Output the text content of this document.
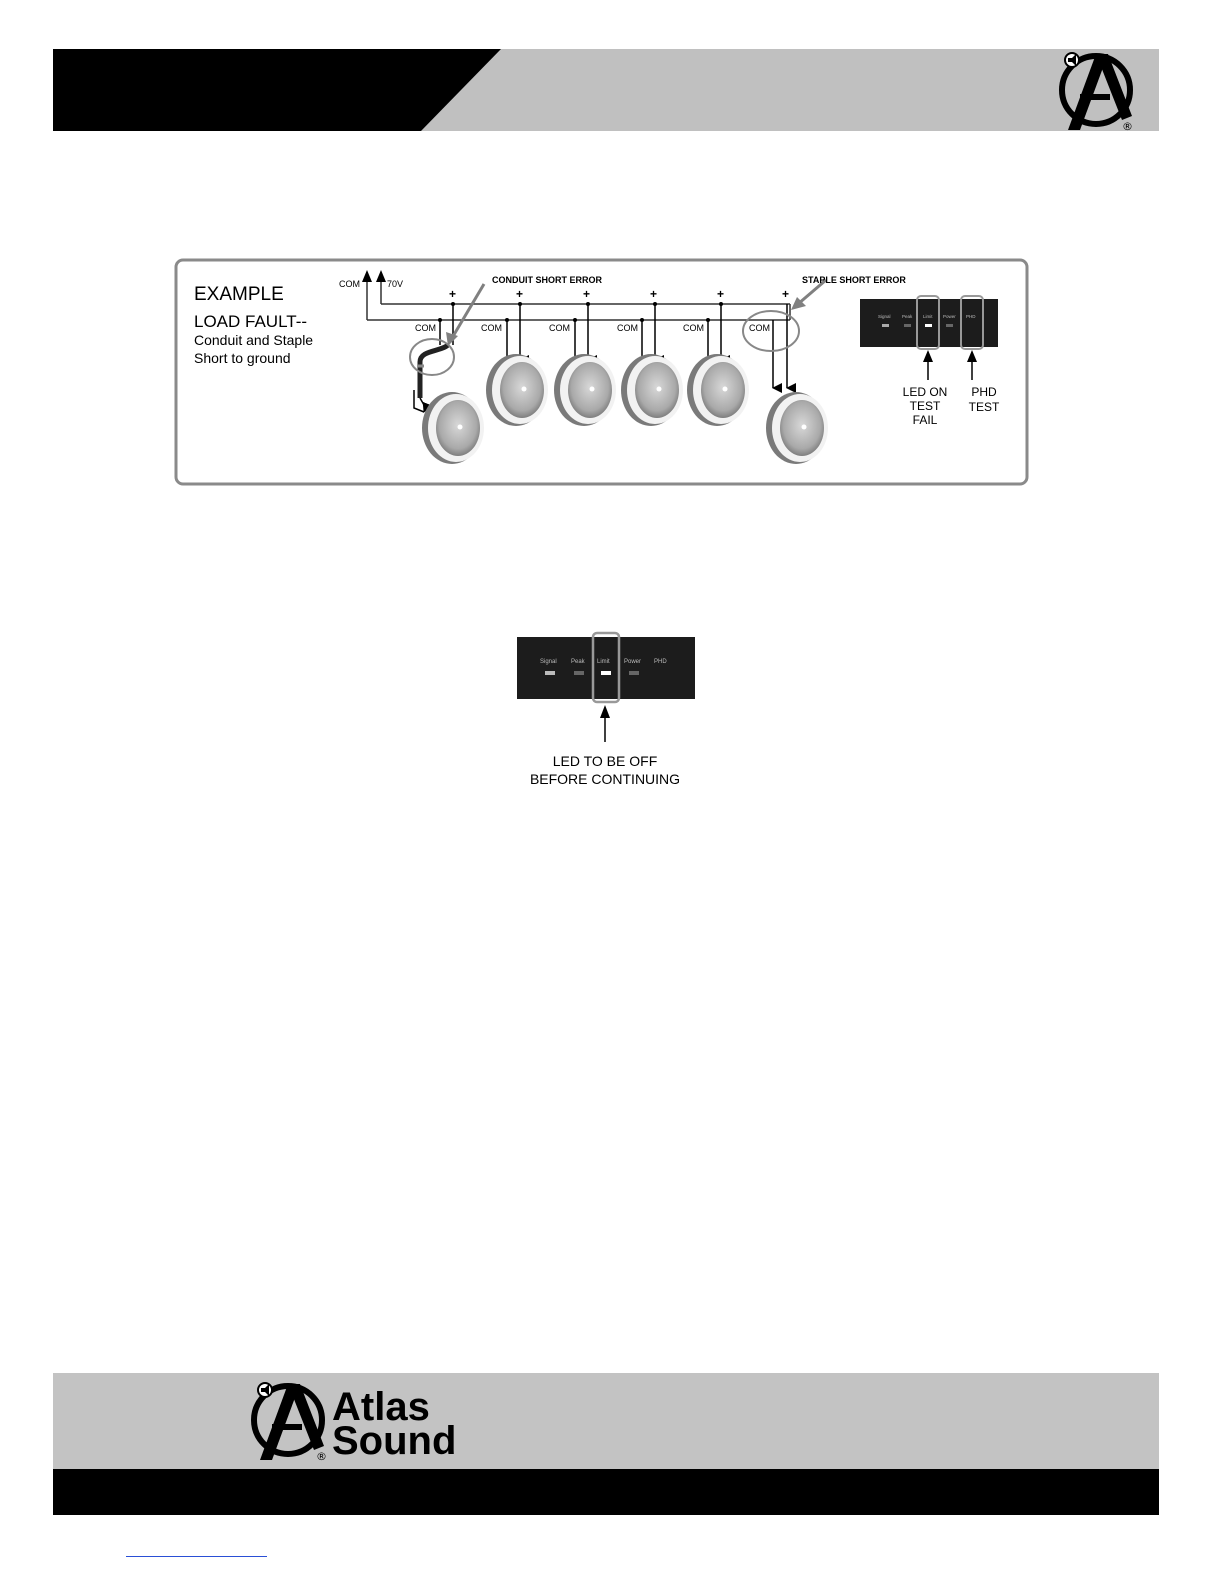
®
EXAMPLE
LOAD FAULT--
Conduit and Staple
Short to ground
COM	70V	CONDUIT SHORT ERROR	STAPLE SHORT ERROR
+	+	+	+	+	+
COM	COM	COM	COM	COM	COM
Signal	Peak Limit Power PHD
LED ON
TEST
FAIL
PHD
TEST
Signal Peak Limit Power PHD
LED TO BE OFF
BEFORE CONTINUING
®
Atlas
Sound
